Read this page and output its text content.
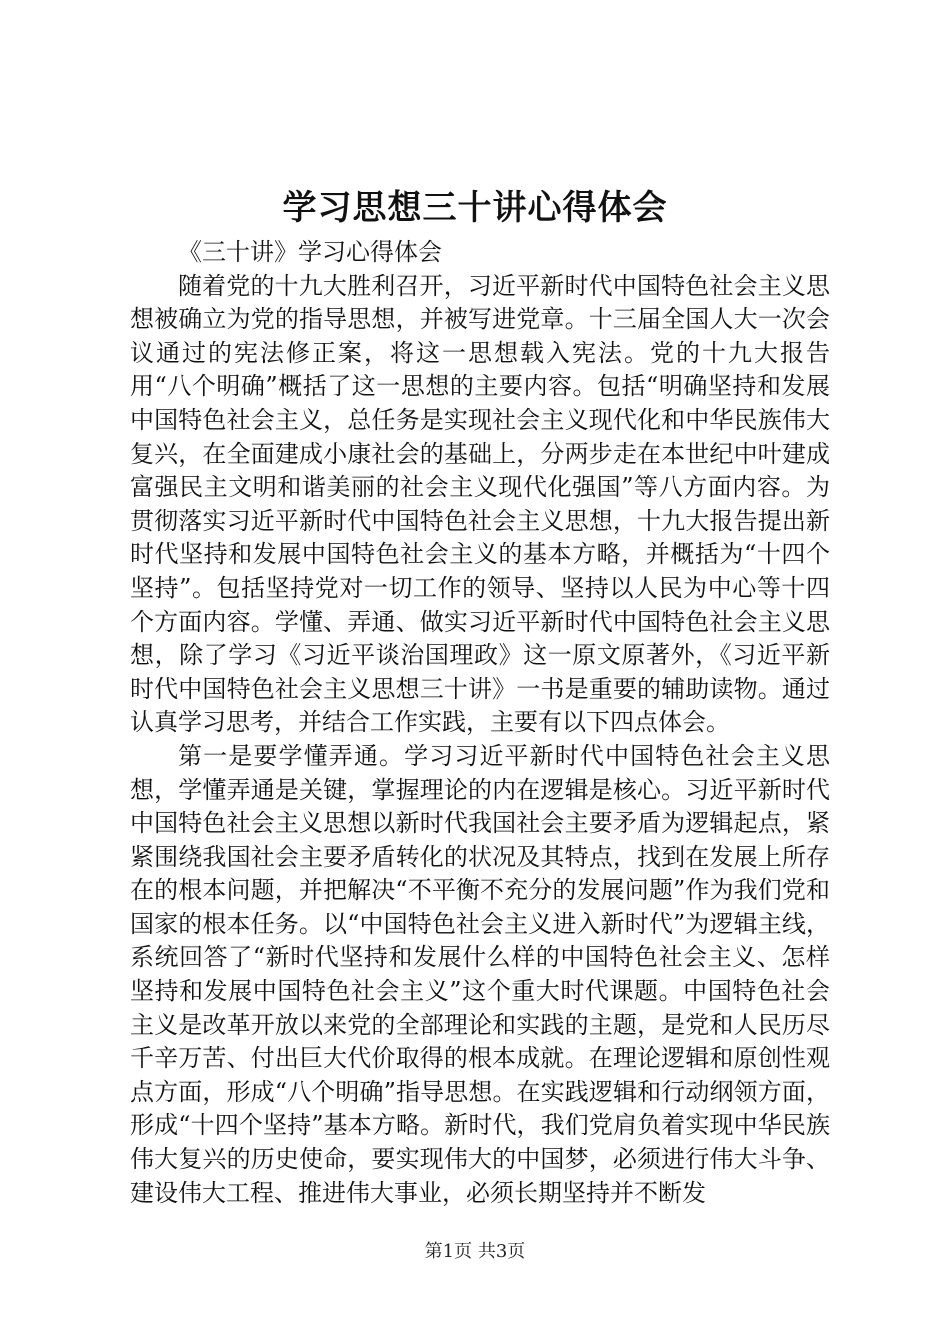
学习思想三十讲心得体会

《三十讲》学习心得体会

随着党的十九大胜利召开，习近平新时代中国特色社会主义思想被确立为党的指导思想，并被写进党章。十三届全国人大一次会议通过的宪法修正案，将这一思想载入宪法。党的十九大报告用“八个明确”概括了这一思想的主要内容。包括“明确坚持和发展中国特色社会主义，总任务是实现社会主义现代化和中华民族伟大复兴，在全面建成小康社会的基础上，分两步走在本世纪中叶建成富强民主文明和谐美丽的社会主义现代化强国”等八方面内容。为贯彻落实习近平新时代中国特色社会主义思想，十九大报告提出新时代坚持和发展中国特色社会主义的基本方略，并概括为“十四个坚持”。包括坚持党对一切工作的领导、坚持以人民为中心等十四个方面内容。学懂、弄通、做实习近平新时代中国特色社会主义思想，除了学习《习近平谈治国理政》这一原文原著外，《习近平新时代中国特色社会主义思想三十讲》一书是重要的辅助读物。通过认真学习思考，并结合工作实践，主要有以下四点体会。

第一是要学懂弄通。学习习近平新时代中国特色社会主义思想，学懂弄通是关键，掌握理论的内在逻辑是核心。习近平新时代中国特色社会主义思想以新时代我国社会主要矛盾为逻辑起点，紧紧围绕我国社会主要矛盾转化的状况及其特点，找到在发展上所存在的根本问题，并把解决“不平衡不充分的发展问题”作为我们党和国家的根本任务。以“中国特色社会主义进入新时代”为逻辑主线，系统回答了“新时代坚持和发展什么样的中国特色社会主义、怎样坚持和发展中国特色社会主义”这个重大时代课题。中国特色社会主义是改革开放以来党的全部理论和实践的主题，是党和人民历尽千辛万苦、付出巨大代价取得的根本成就。在理论逻辑和原创性观点方面，形成“八个明确”指导思想。在实践逻辑和行动纲领方面，形成“十四个坚持”基本方略。新时代，我们党肩负着实现中华民族伟大复兴的历史使命，要实现伟大的中国梦，必须进行伟大斗争、建设伟大工程、推进伟大事业，必须长期坚持并不断发

第1页 共3页
